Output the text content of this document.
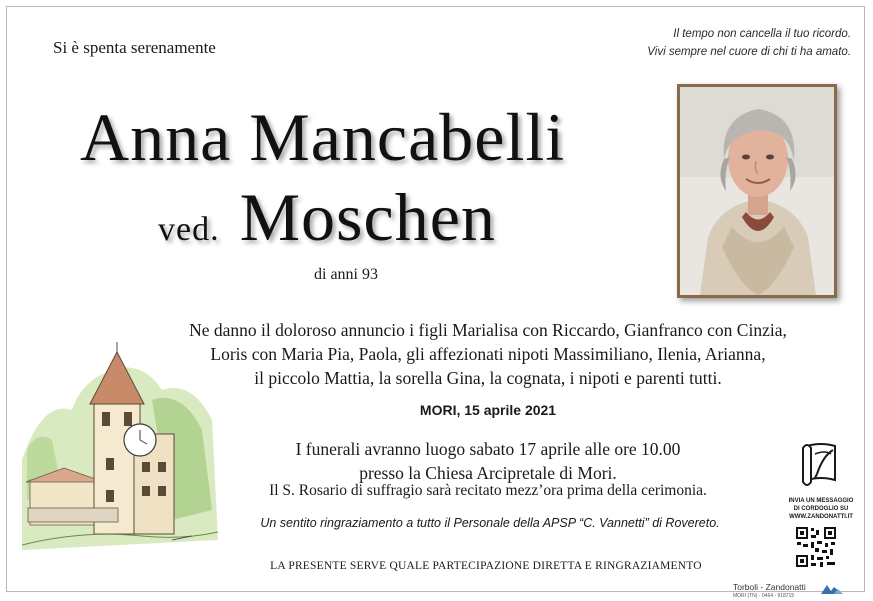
Si è spenta serenamente
Il tempo non cancella il tuo ricordo.
Vivi sempre nel cuore di chi ti ha amato.
Anna Mancabelli
ved. Moschen
di anni 93
Ne danno il doloroso annuncio i figli Marialisa con Riccardo, Gianfranco con Cinzia,
Loris con Maria Pia, Paola, gli affezionati nipoti Massimiliano, Ilenia, Arianna,
il piccolo Mattia, la sorella Gina, la cognata, i nipoti e parenti tutti.
MORI, 15 aprile 2021
I funerali avranno luogo sabato 17 aprile alle ore 10.00
presso la Chiesa Arcipretale di Mori.
Il S. Rosario di suffragio sarà recitato mezz’ora prima della cerimonia.
Un sentito ringraziamento a tutto il Personale della APSP “C. Vannetti” di Rovereto.
LA PRESENTE SERVE QUALE PARTECIPAZIONE DIRETTA E RINGRAZIAMENTO
INVIA UN MESSAGGIO
DI CORDOGLIO SU
WWW.ZANDONATTI.IT
Torboli - Zandonatti
MORI (TN) · 0464 - 918715
